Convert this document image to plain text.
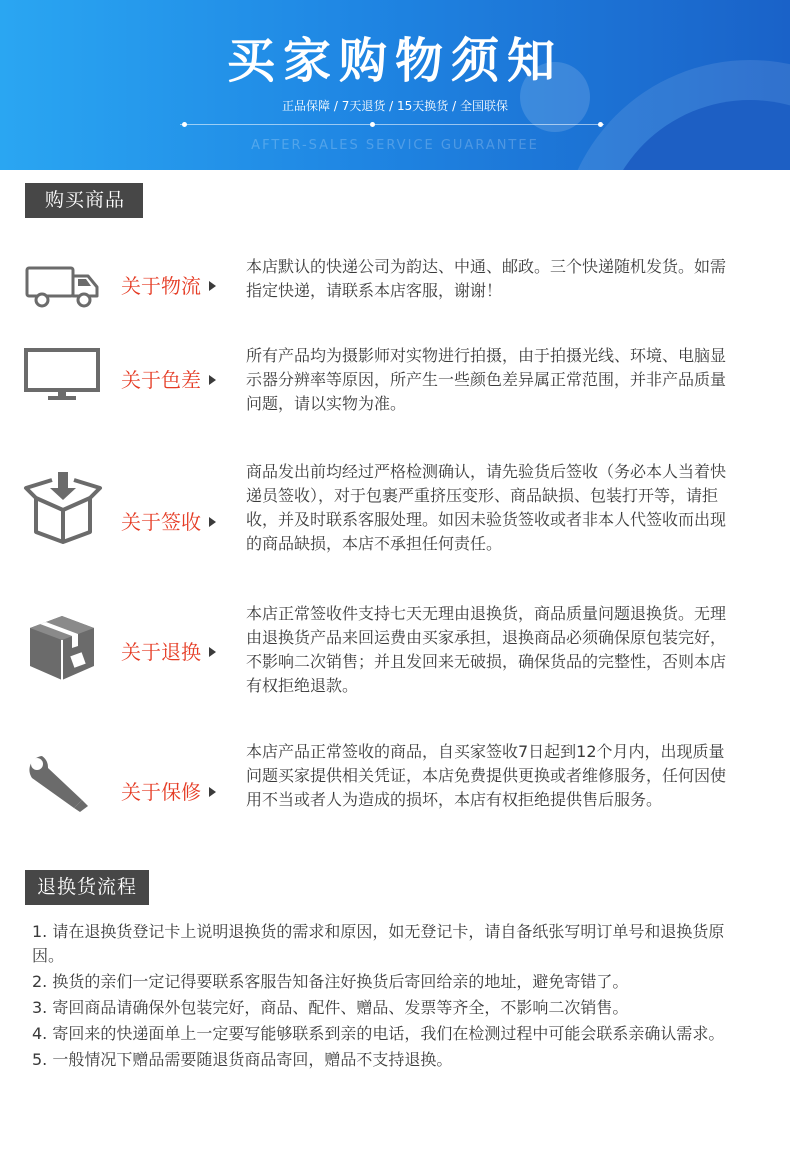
买家购物须知
正品保障 / 7天退货 / 15天换货 / 全国联保
AFTER-SALES SERVICE GUARANTEE
购买商品
关于物流

本店默认的快递公司为韵达、中通、邮政。三个快递随机发货。如需指定快递，请联系本店客服，谢谢！

关于色差

所有产品均为摄影师对实物进行拍摄，由于拍摄光线、环境、电脑显示器分辨率等原因，所产生一些颜色差异属正常范围，并非产品质量问题，请以实物为准。

关于签收

商品发出前均经过严格检测确认，请先验货后签收（务必本人当着快递员签收），对于包裹严重挤压变形、商品缺损、包装打开等，请拒收，并及时联系客服处理。如因未验货签收或者非本人代签收而出现的商品缺损，本店不承担任何责任。

关于退换

本店正常签收件支持七天无理由退换货，商品质量问题退换货。无理由退换货产品来回运费由买家承担，退换商品必须确保原包装完好，不影响二次销售；并且发回来无破损，确保货品的完整性，否则本店有权拒绝退款。

关于保修

本店产品正常签收的商品，自买家签收7日起到12个月内，出现质量问题买家提供相关凭证，本店免费提供更换或者维修服务，任何因使用不当或者人为造成的损坏，本店有权拒绝提供售后服务。

退换货流程

1. 请在退换货登记卡上说明退换货的需求和原因，如无登记卡，请自备纸张写明订单号和退换货原因。

2. 换货的亲们一定记得要联系客服告知备注好换货后寄回给亲的地址，避免寄错了。

3. 寄回商品请确保外包装完好，商品、配件、赠品、发票等齐全，不影响二次销售。

4. 寄回来的快递面单上一定要写能够联系到亲的电话，我们在检测过程中可能会联系亲确认需求。

5. 一般情况下赠品需要随退货商品寄回，赠品不支持退换。
